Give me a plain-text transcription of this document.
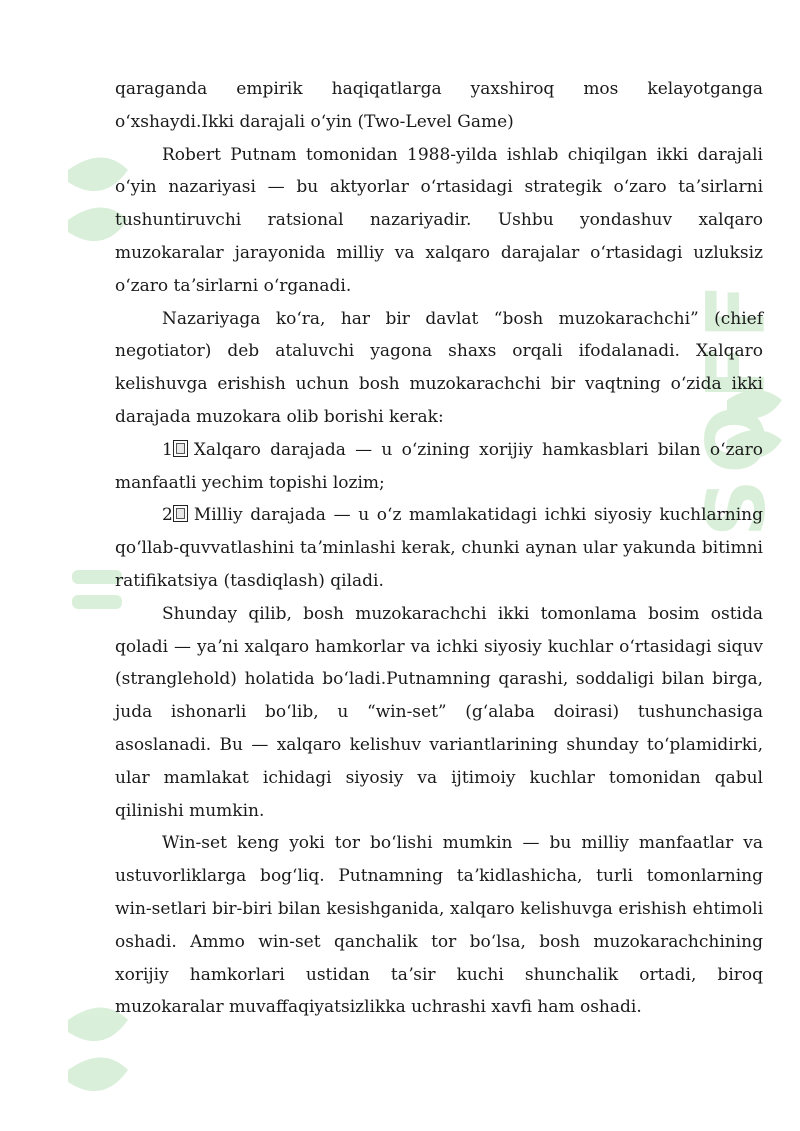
SOFF

qaraganda empirik haqiqatlarga yaxshiroq mos kelayotganga oʻxshaydi.Ikki darajali oʻyin (Two-Level Game)

Robert Putnam tomonidan 1988-yilda ishlab chiqilgan ikki darajali oʻyin nazariyasi — bu aktyorlar oʻrtasidagi strategik oʻzaro taʼsirlarni tushuntiruvchi ratsional nazariyadir. Ushbu yondashuv xalqaro muzokaralar jarayonida milliy va xalqaro darajalar oʻrtasidagi uzluksiz oʻzaro taʼsirlarni oʻrganadi.

Nazariyaga koʻra, har bir davlat “bosh muzokarachchi” (chief negotiator) deb ataluvchi yagona shaxs orqali ifodalanadi. Xalqaro kelishuvga erishish uchun bosh muzokarachchi bir vaqtning oʻzida ikki darajada muzokara olib borishi kerak:

1 Xalqaro darajada — u oʻzining xorijiy hamkasblari bilan oʻzaro manfaatli yechim topishi lozim;

2 Milliy darajada — u oʻz mamlakatidagi ichki siyosiy kuchlarning qoʻllab-quvvatlashini taʼminlashi kerak, chunki aynan ular yakunda bitimni ratifikatsiya (tasdiqlash) qiladi.

Shunday qilib, bosh muzokarachchi ikki tomonlama bosim ostida qoladi — yaʼni xalqaro hamkorlar va ichki siyosiy kuchlar oʻrtasidagi siquv (stranglehold) holatida boʻladi.Putnamning qarashi, soddaligi bilan birga, juda ishonarli boʻlib, u “win-set” (gʻalaba doirasi) tushunchasiga asoslanadi. Bu — xalqaro kelishuv variantlarining shunday toʻplamidirki, ular mamlakat ichidagi siyosiy va ijtimoiy kuchlar tomonidan qabul qilinishi mumkin.

Win-set keng yoki tor boʻlishi mumkin — bu milliy manfaatlar va ustuvorliklarga bogʻliq. Putnamning taʼkidlashicha, turli tomonlarning win-setlari bir-biri bilan kesishganida, xalqaro kelishuvga erishish ehtimoli oshadi. Ammo win-set qanchalik tor boʻlsa, bosh muzokarachchining xorijiy hamkorlari ustidan taʼsir kuchi shunchalik ortadi, biroq muzokaralar muvaffaqiyatsizlikka uchrashi xavfi ham oshadi.
